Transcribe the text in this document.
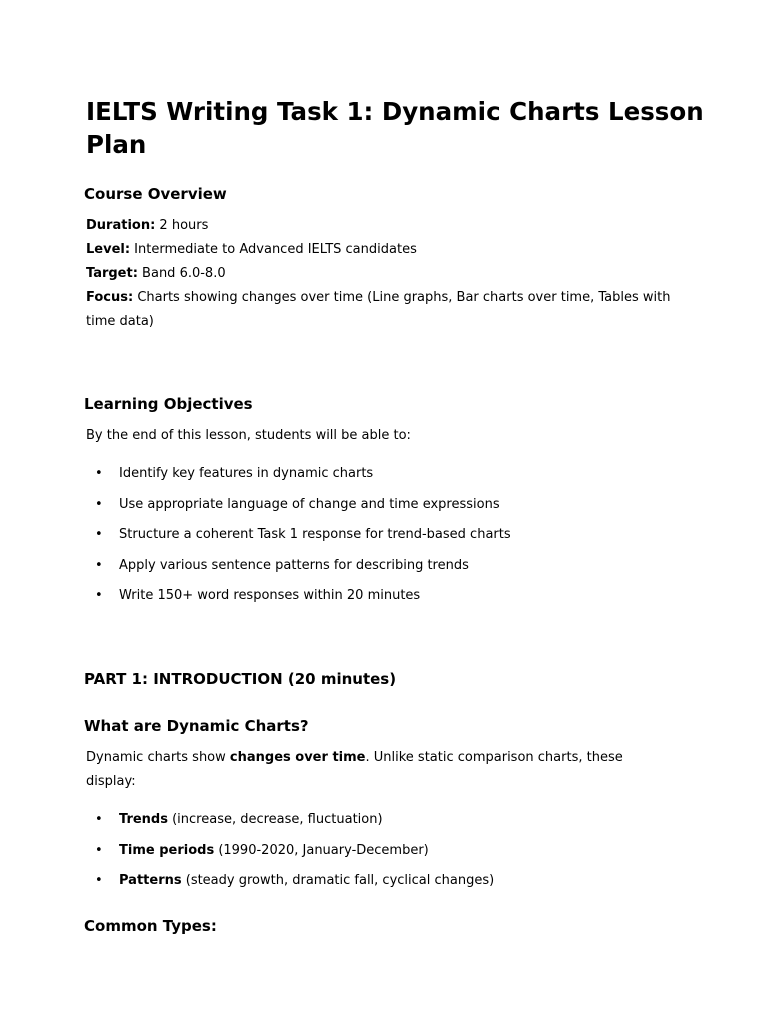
IELTS Writing Task 1: Dynamic Charts Lesson Plan
Course Overview

Duration: 2 hours

Level: Intermediate to Advanced IELTS candidates

Target: Band 6.0-8.0

Focus: Charts showing changes over time (Line graphs, Bar charts over time, Tables with time data)

Learning Objectives

By the end of this lesson, students will be able to:

• Identify key features in dynamic charts
• Use appropriate language of change and time expressions
• Structure a coherent Task 1 response for trend-based charts
• Apply various sentence patterns for describing trends
• Write 150+ word responses within 20 minutes
PART 1: INTRODUCTION (20 minutes)
What are Dynamic Charts?

Dynamic charts show changes over time. Unlike static comparison charts, these display:

• Trends (increase, decrease, fluctuation)
• Time periods (1990-2020, January-December)
• Patterns (steady growth, dramatic fall, cyclical changes)
Common Types:
